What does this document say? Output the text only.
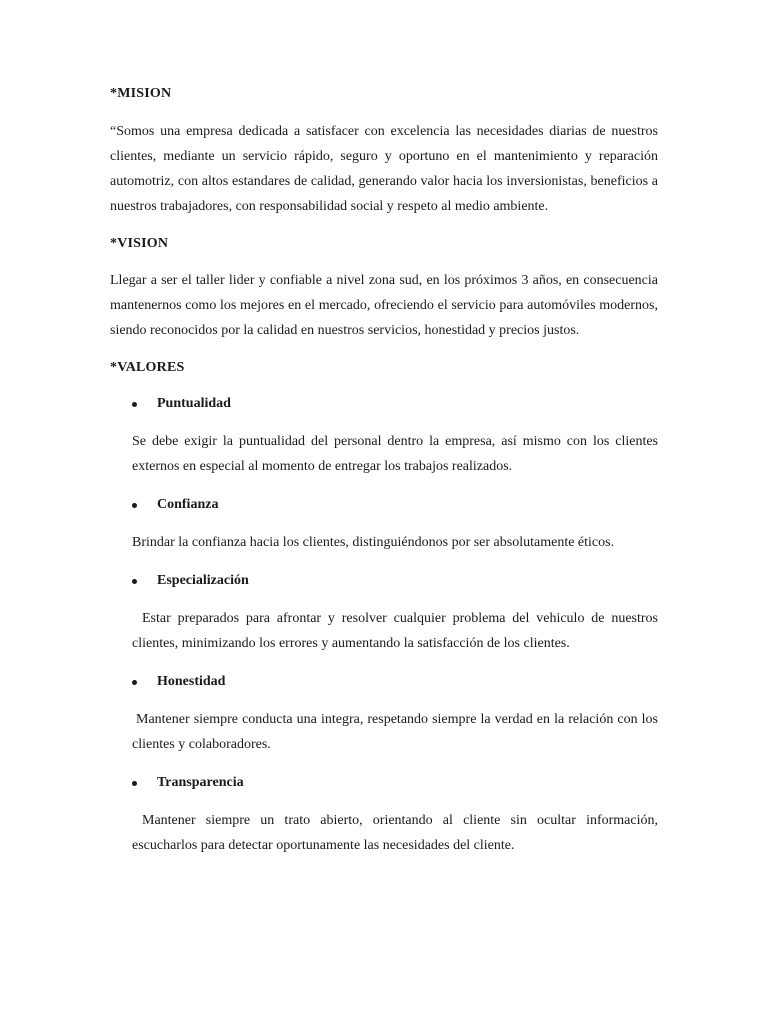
*MISION

“Somos una empresa dedicada a satisfacer con excelencia las necesidades diarias de nuestros clientes, mediante un servicio rápido, seguro y oportuno en el mantenimiento y reparación automotriz, con altos estandares de calidad, generando valor hacia los inversionistas, beneficios a nuestros trabajadores, con responsabilidad social y respeto al medio ambiente.

*VISION

Llegar a ser el taller lider y confiable a nivel zona sud, en los próximos 3 años, en consecuencia mantenernos como los mejores en el mercado, ofreciendo el servicio para automóviles modernos, siendo reconocidos por la calidad en nuestros servicios, honestidad y precios justos.

*VALORES

Puntualidad

Se debe exigir la puntualidad del personal dentro la empresa, así mismo con los clientes externos en especial al momento de entregar los trabajos realizados.

Confianza

Brindar la confianza hacia los clientes, distinguiéndonos por ser absolutamente éticos.

Especialización

Estar preparados para afrontar y resolver cualquier problema del vehiculo de nuestros clientes, minimizando los errores y aumentando la satisfacción de los clientes.

Honestidad

Mantener siempre conducta una integra, respetando siempre la verdad en la relación con los clientes y colaboradores.

Transparencia

Mantener siempre un trato abierto, orientando al cliente sin ocultar información, escucharlos para detectar oportunamente las necesidades del cliente.
